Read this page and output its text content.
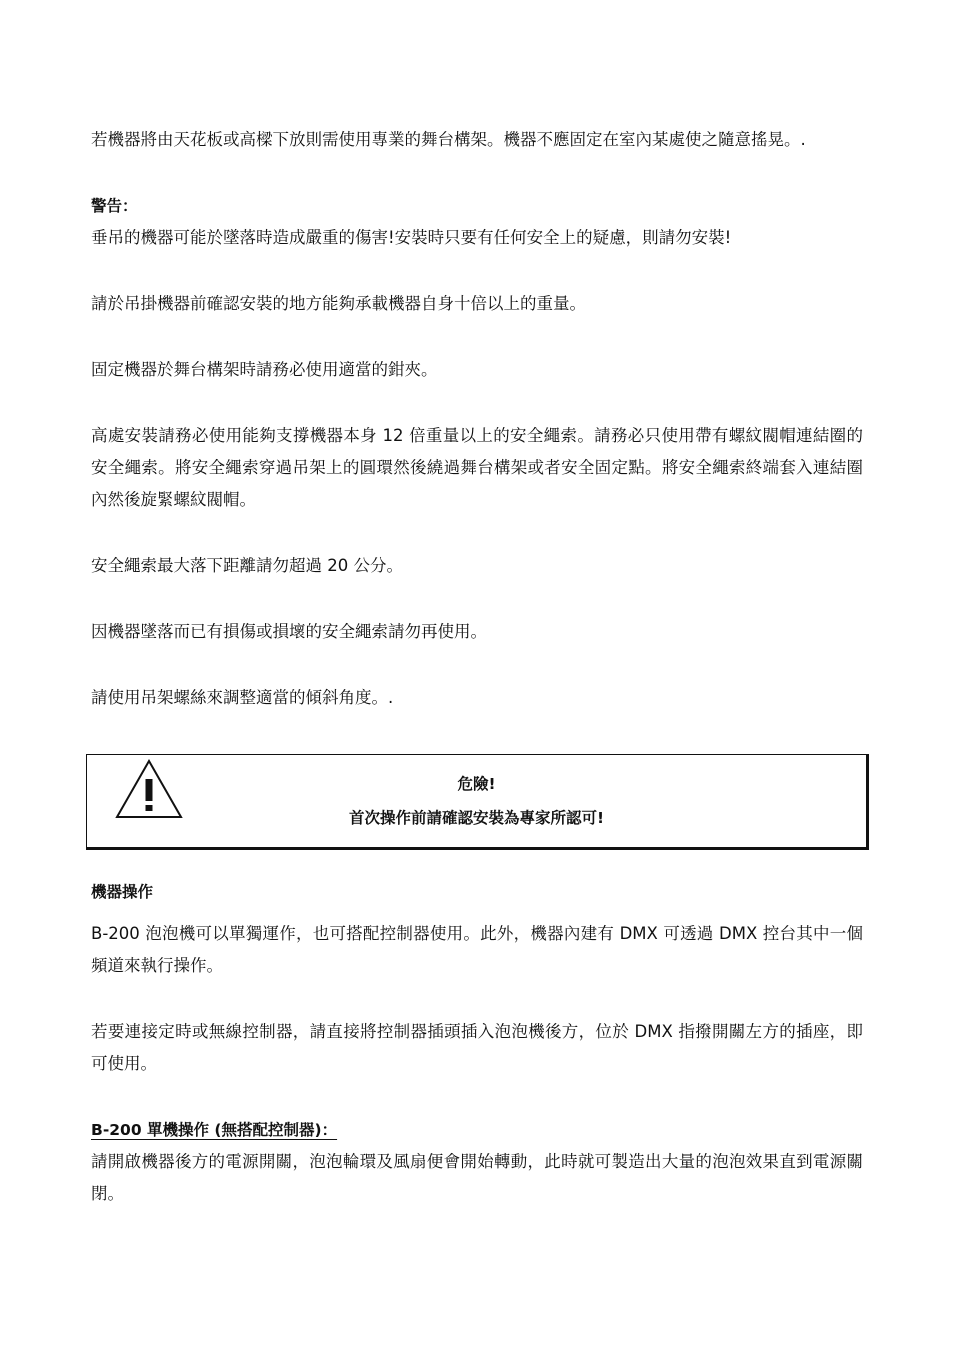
若機器將由天花板或高樑下放則需使用專業的舞台構架。機器不應固定在室內某處使之隨意搖晃。.

警告：

垂吊的機器可能於墜落時造成嚴重的傷害!安裝時只要有任何安全上的疑慮，則請勿安裝!

請於吊掛機器前確認安裝的地方能夠承載機器自身十倍以上的重量。

固定機器於舞台構架時請務必使用適當的鉗夾。

高處安裝請務必使用能夠支撐機器本身 12 倍重量以上的安全繩索。請務必只使用帶有螺紋閥帽連結圈的安全繩索。將安全繩索穿過吊架上的圓環然後繞過舞台構架或者安全固定點。將安全繩索終端套入連結圈內然後旋緊螺紋閥帽。

安全繩索最大落下距離請勿超過 20 公分。

因機器墜落而已有損傷或損壞的安全繩索請勿再使用。

請使用吊架螺絲來調整適當的傾斜角度。.

危險!
首次操作前請確認安裝為專家所認可!

機器操作

B-200 泡泡機可以單獨運作，也可搭配控制器使用。此外，機器內建有 DMX 可透過 DMX 控台其中一個頻道來執行操作。

若要連接定時或無線控制器，請直接將控制器插頭插入泡泡機後方，位於 DMX 指撥開關左方的插座，即可使用。

B-200 單機操作 (無搭配控制器)：

請開啟機器後方的電源開關，泡泡輪環及風扇便會開始轉動，此時就可製造出大量的泡泡效果直到電源關閉。
